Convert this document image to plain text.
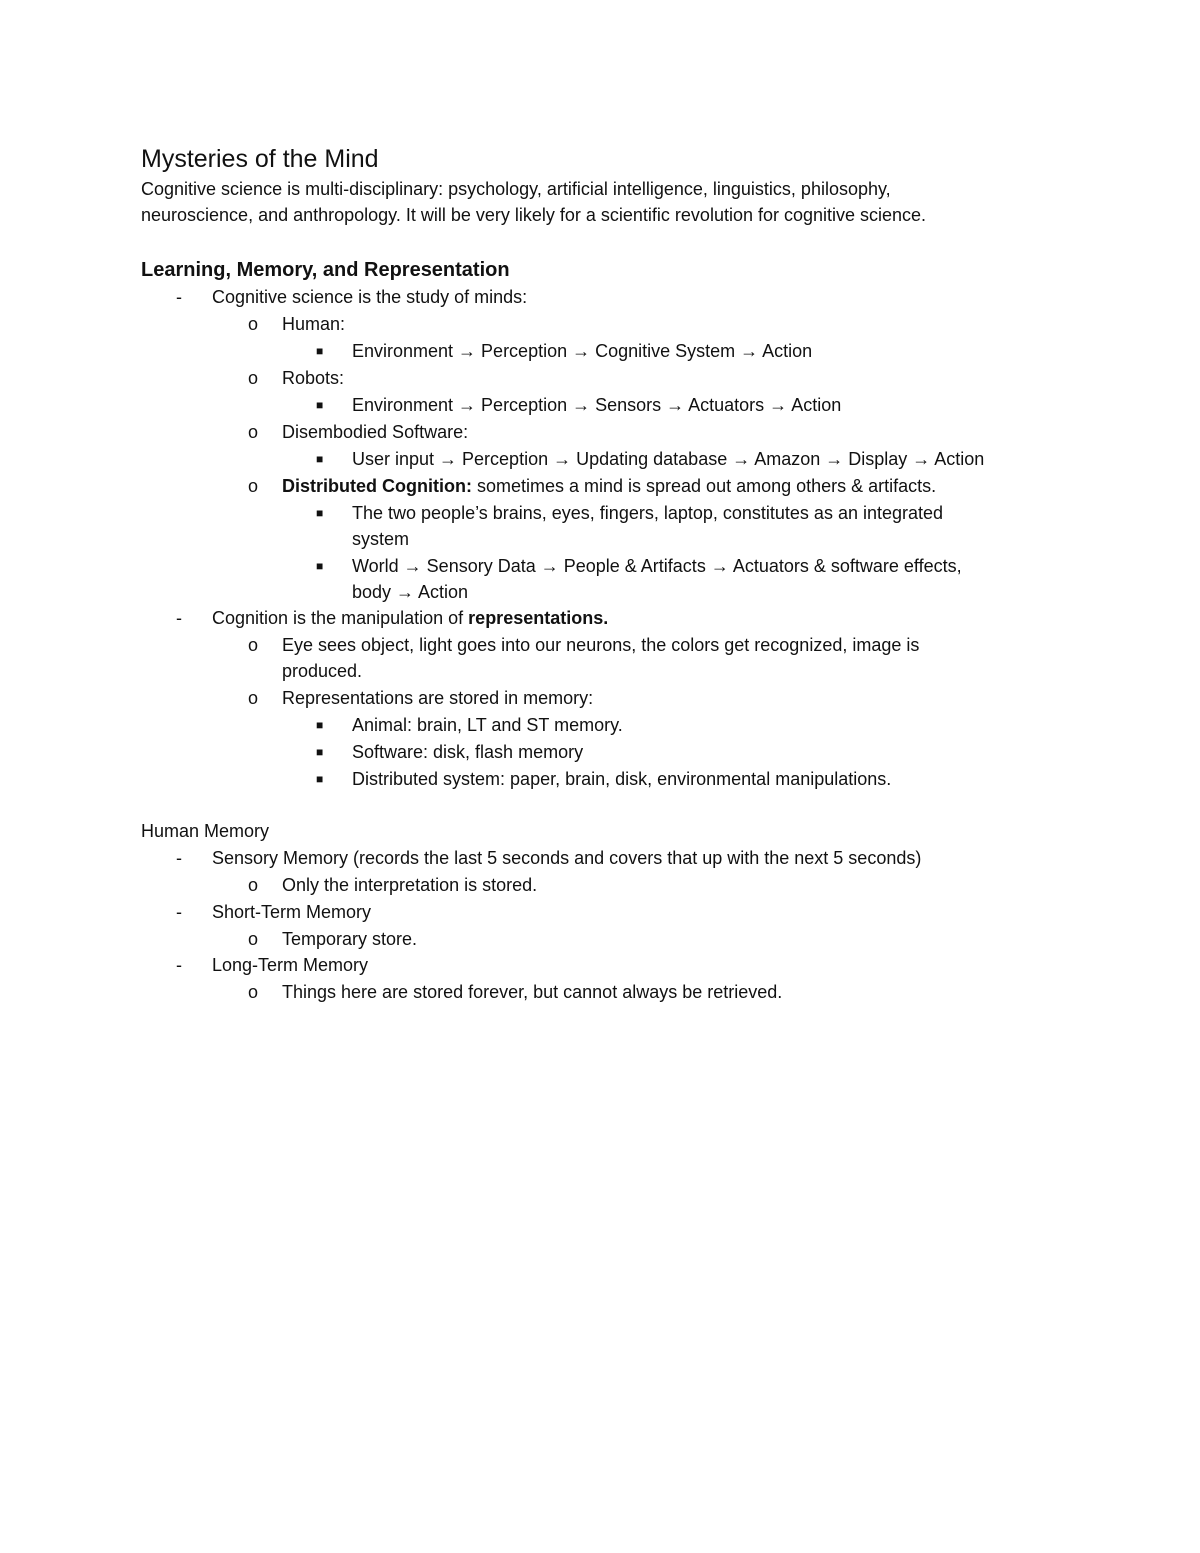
Mysteries of the Mind
Cognitive science is multi-disciplinary: psychology, artificial intelligence, linguistics, philosophy,
neuroscience, and anthropology. It will be very likely for a scientific revolution for cognitive science.
Learning, Memory, and Representation
- Cognitive science is the study of minds:
o Human:
■ Environment → Perception → Cognitive System → Action
o Robots:
■ Environment → Perception → Sensors → Actuators → Action
o Disembodied Software:
■ User input → Perception → Updating database → Amazon → Display → Action
o Distributed Cognition: sometimes a mind is spread out among others & artifacts.
■ The two people’s brains, eyes, fingers, laptop, constitutes as an integrated
system
■ World → Sensory Data → People & Artifacts → Actuators & software effects,
body → Action
- Cognition is the manipulation of representations.
o Eye sees object, light goes into our neurons, the colors get recognized, image is
produced.
o Representations are stored in memory:
■ Animal: brain, LT and ST memory.
■ Software: disk, flash memory
■ Distributed system: paper, brain, disk, environmental manipulations.
Human Memory
- Sensory Memory (records the last 5 seconds and covers that up with the next 5 seconds)
o Only the interpretation is stored.
- Short-Term Memory
o Temporary store.
- Long-Term Memory
o Things here are stored forever, but cannot always be retrieved.
